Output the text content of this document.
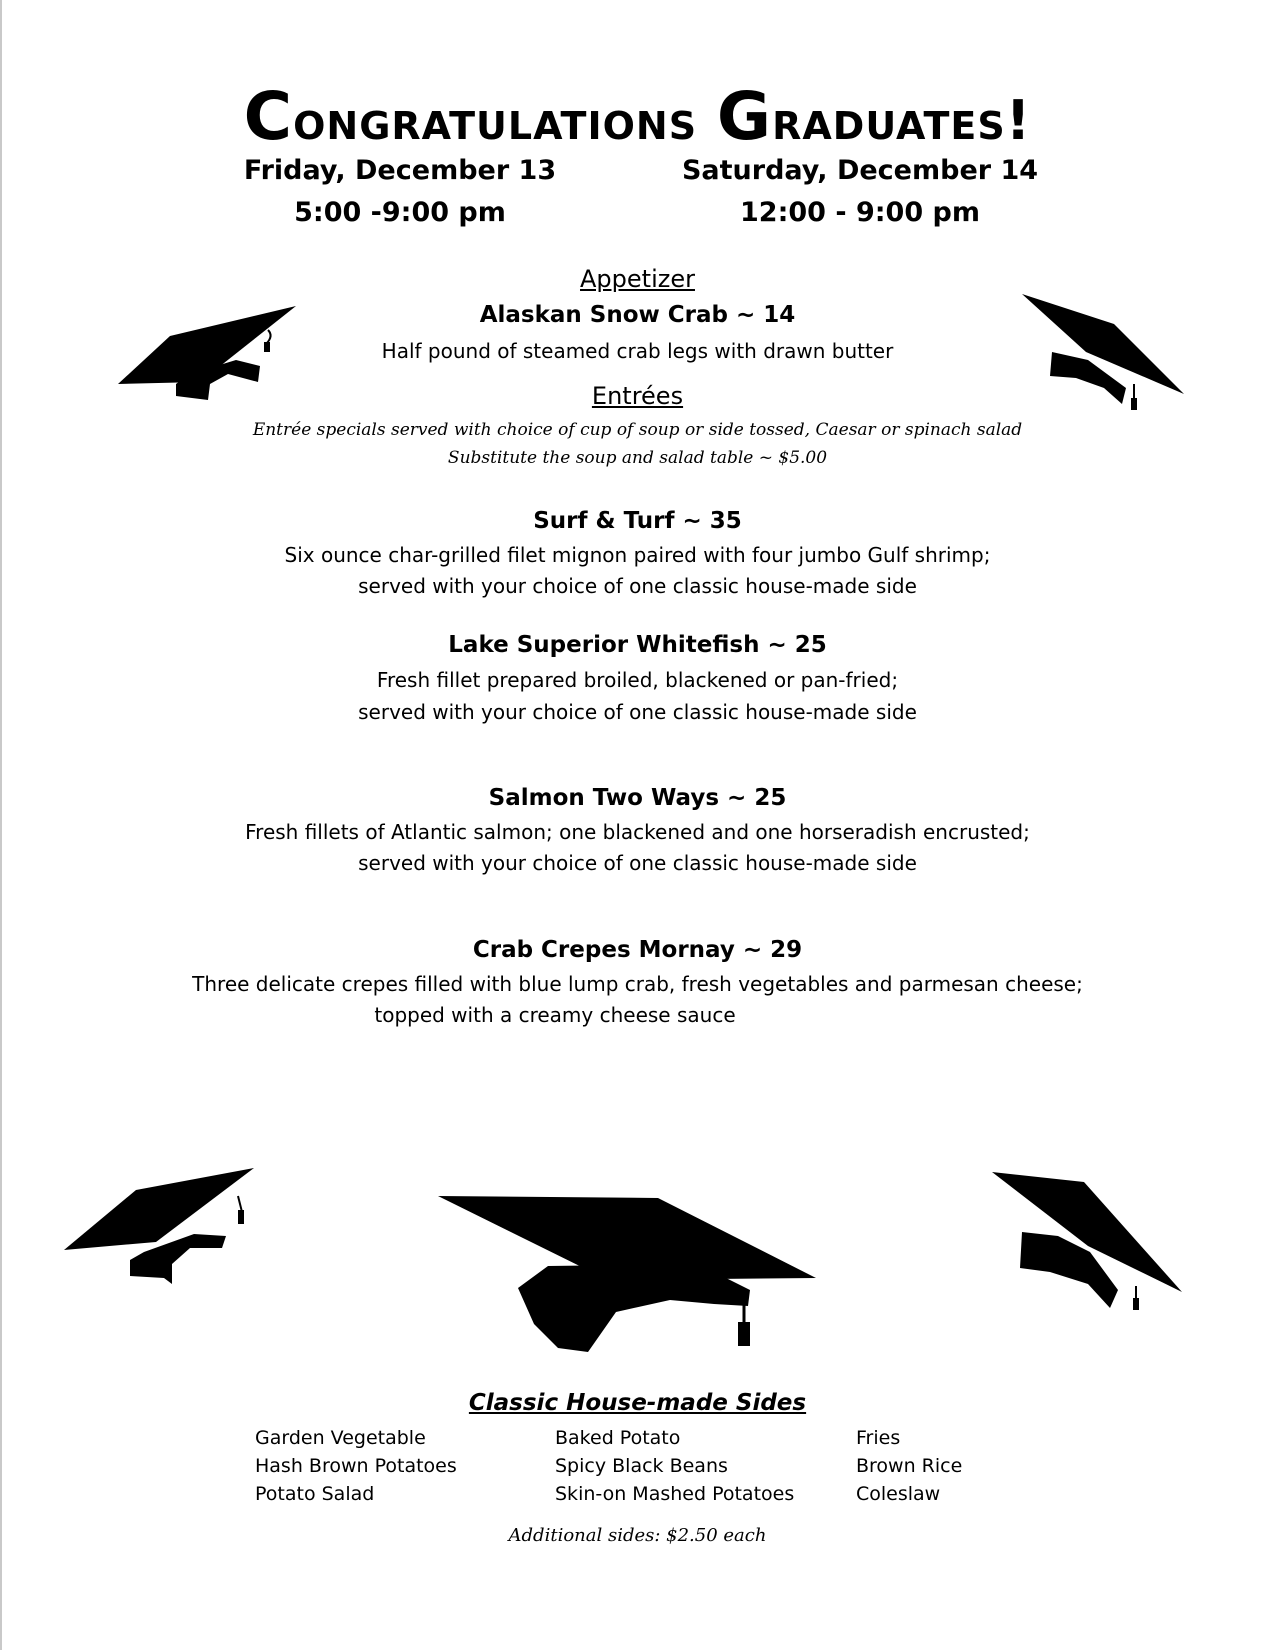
Congratulations Graduates!
Friday, December 13
5:00 -9:00 pm
Saturday, December 14
12:00 - 9:00 pm
Appetizer
Alaskan Snow Crab ~ 14
Half pound of steamed crab legs with drawn butter
Entrées
Entrée specials served with choice of cup of soup or side tossed, Caesar or spinach salad
Substitute the soup and salad table ~ $5.00
Surf & Turf ~ 35
Six ounce char-grilled filet mignon paired with four jumbo Gulf shrimp;
served with your choice of one classic house-made side
Lake Superior Whitefish ~ 25
Fresh fillet prepared broiled, blackened or pan-fried;
served with your choice of one classic house-made side
Salmon Two Ways ~ 25
Fresh fillets of Atlantic salmon; one blackened and one horseradish encrusted;
served with your choice of one classic house-made side
Crab Crepes Mornay ~ 29
Three delicate crepes filled with blue lump crab, fresh vegetables and parmesan cheese;
topped with a creamy cheese sauce
Classic House-made Sides
Garden Vegetable
Hash Brown Potatoes
Potato Salad
Baked Potato
Spicy Black Beans
Skin-on Mashed Potatoes
Fries
Brown Rice
Coleslaw
Additional sides: $2.50 each
